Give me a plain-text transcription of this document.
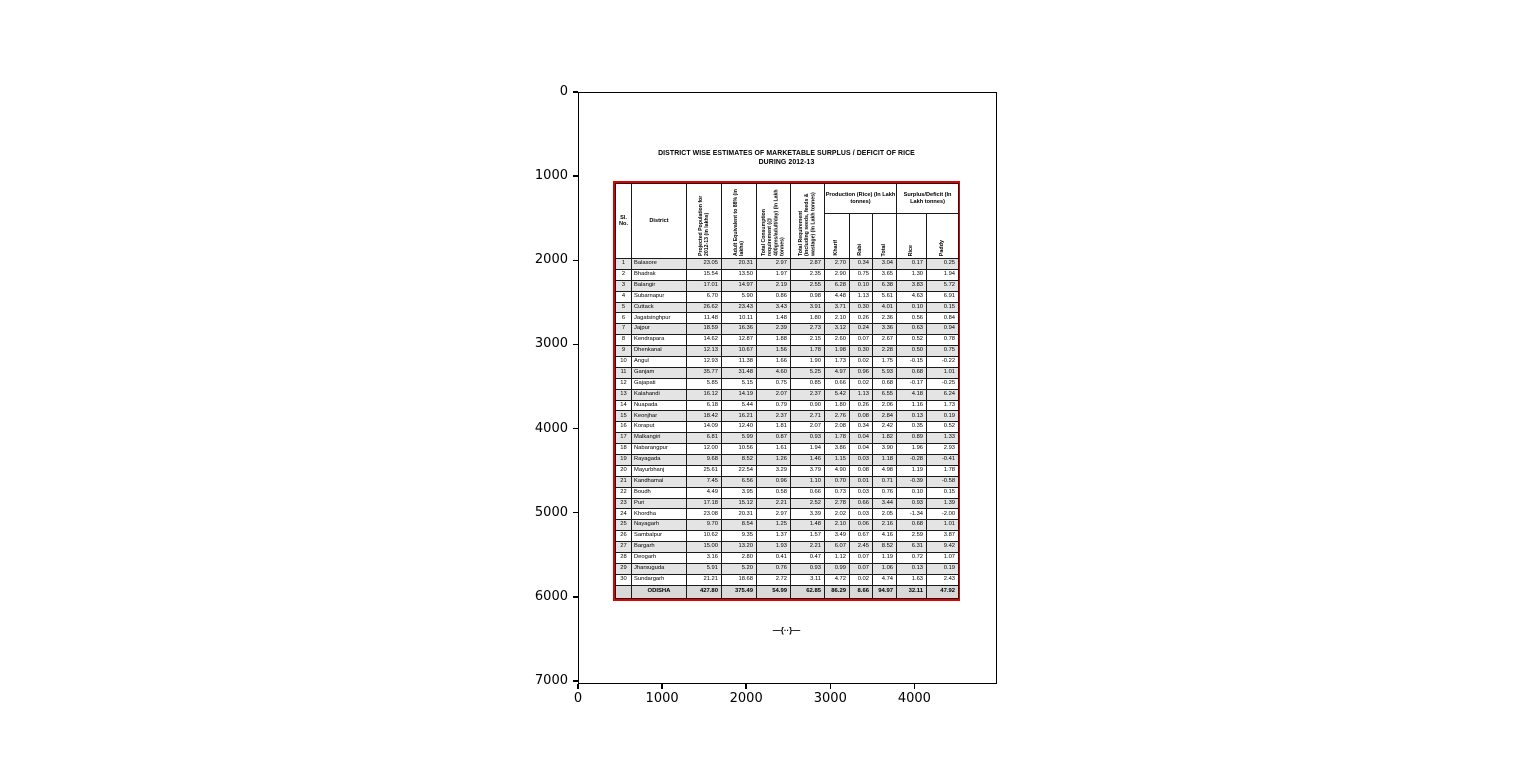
0	1000	2000	3000	4000
0
1000
2000
3000
4000
5000
6000
7000
DISTRICT WISE ESTIMATES OF MARKETABLE SURPLUS / DEFICIT OF RICE
DURING 2012-13
Sl. No.	District	Projected Population for 2012-13 (in lakhs)	Adult Equivalent to 88% (in lakhs)	Total Consumption requirement (@ 400gms/adult/day) (In Lakh tonnes)	Total Requirement (including seeds, feeds & wastage) (In Lakh tonnes)	Production (Rice) (In Lakh tonnes)			Surplus/Deficit (In Lakh tonnes)	

						Kharif	Rabi	Total	Rice	Paddy

1	Balasore	23.05	20.31	2.97	2.87	2.70	0.34	3.04	0.17	0.25
2	Bhadrak	15.54	13.50	1.97	2.35	2.90	0.75	3.65	1.30	1.94
3	Balangir	17.01	14.97	2.19	2.55	6.28	0.10	6.38	3.83	5.72
4	Subarnapur	6.70	5.90	0.86	0.98	4.48	1.13	5.61	4.63	6.91
5	Cuttack	26.62	23.43	3.43	3.91	3.71	0.30	4.01	0.10	0.15
6	Jagatsinghpur	11.48	10.11	1.48	1.80	2.10	0.26	2.36	0.56	0.84
7	Jajpur	18.59	16.36	2.39	2.73	3.12	0.24	3.36	0.63	0.94
8	Kendrapara	14.62	12.87	1.88	2.15	2.60	0.07	2.67	0.52	0.78
9	Dhenkanal	12.13	10.67	1.56	1.78	1.98	0.30	2.28	0.50	0.75
10	Angul	12.93	11.38	1.66	1.90	1.73	0.02	1.75	-0.15	-0.22
11	Ganjam	35.77	31.48	4.60	5.25	4.97	0.96	5.93	0.68	1.01
12	Gajapati	5.85	5.15	0.75	0.85	0.66	0.02	0.68	-0.17	-0.25
13	Kalahandi	16.12	14.19	2.07	2.37	5.42	1.13	6.55	4.18	6.24
14	Nuapada	6.18	5.44	0.79	0.90	1.80	0.26	2.06	1.16	1.73
15	Keonjhar	18.42	16.21	2.37	2.71	2.76	0.08	2.84	0.13	0.19
16	Koraput	14.09	12.40	1.81	2.07	2.08	0.34	2.42	0.35	0.52
17	Malkangiri	6.81	5.99	0.87	0.93	1.78	0.04	1.82	0.89	1.33
18	Nabarangpur	12.00	10.56	1.61	1.94	3.86	0.04	3.90	1.96	2.93
19	Rayagada	9.68	8.52	1.26	1.46	1.15	0.03	1.18	-0.28	-0.41
20	Mayurbhanj	25.61	22.54	3.29	3.79	4.90	0.08	4.98	1.19	1.78
21	Kandhamal	7.45	6.56	0.96	1.10	0.70	0.01	0.71	-0.39	-0.58
22	Boudh	4.49	3.95	0.58	0.66	0.73	0.03	0.76	0.10	0.15
23	Puri	17.18	15.12	2.21	2.52	2.78	0.66	3.44	0.93	1.39
24	Khordha	23.08	20.31	2.97	3.39	2.02	0.03	2.05	-1.34	-2.00
25	Nayagarh	9.70	8.54	1.25	1.48	2.10	0.06	2.16	0.68	1.01
26	Sambalpur	10.62	9.35	1.37	1.57	3.49	0.67	4.16	2.59	3.87
27	Bargarh	15.00	13.20	1.93	2.21	6.07	2.45	8.52	6.31	9.42
28	Deogarh	3.16	2.80	0.41	0.47	1.12	0.07	1.19	0.72	1.07
29	Jharsuguda	5.91	5.20	0.76	0.93	0.99	0.07	1.06	0.13	0.19
30	Sundargarh	21.21	18.68	2.72	3.11	4.72	0.02	4.74	1.63	2.43
	ODISHA	427.80	375.49	54.99	62.85	86.29	8.66	94.97	32.11	47.92
—{··}—
